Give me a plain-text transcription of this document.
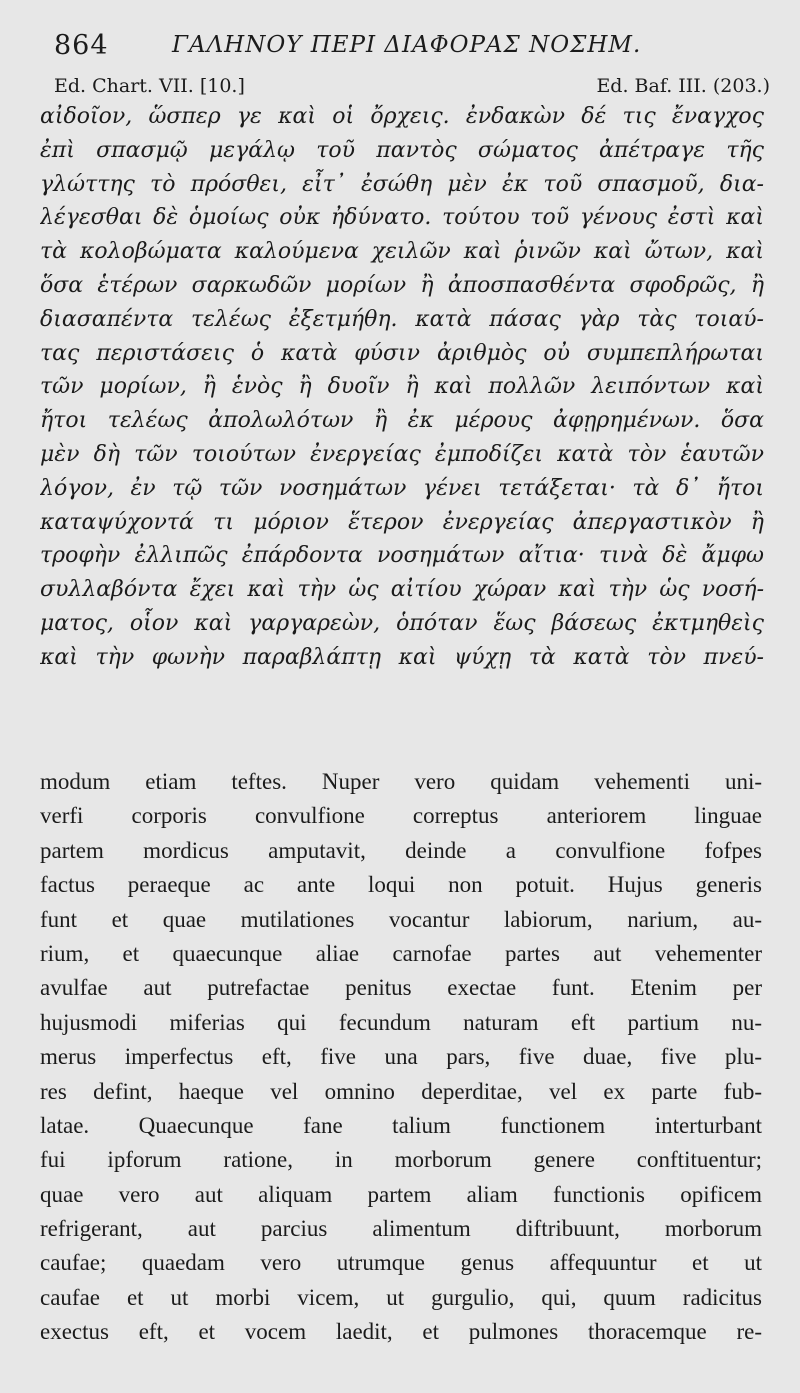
864	ΓΑΛΗΝΟΥ ΠΕΡΙ ΔΙΑΦΟΡΑΣ ΝΟΣΗΜ.
Ed. Chart. VII. [10.]	Ed. Baf. III. (203.)
αἰδοῖον, ὥσπερ γε καὶ οἱ ὄρχεις. ἐνδακὼν δέ τις ἔναγχος
ἐπὶ σπασμῷ μεγάλῳ τοῦ παντὸς σώματος ἀπέτραγε τῆς
γλώττης τὸ πρόσθει, εἶτ᾽ ἐσώθη μὲν ἐκ τοῦ σπασμοῦ, δια-
λέγεσθαι δὲ ὁμοίως οὐκ ἠδύνατο. τούτου τοῦ γένους ἐστὶ καὶ
τὰ κολοβώματα καλούμενα χειλῶν καὶ ῥινῶν καὶ ὤτων, καὶ
ὅσα ἑτέρων σαρκωδῶν μορίων ἢ ἀποσπασθέντα σφοδρῶς, ἢ
διασαπέντα τελέως ἐξετμήθη. κατὰ πάσας γὰρ τὰς τοιαύ-
τας περιστάσεις ὁ κατὰ φύσιν ἀριθμὸς οὐ συμπεπλήρωται
τῶν μορίων, ἢ ἑνὸς ἢ δυοῖν ἢ καὶ πολλῶν λειπόντων καὶ
ἤτοι τελέως ἀπολωλότων ἢ ἐκ μέρους ἀφῃρημένων. ὅσα
μὲν δὴ τῶν τοιούτων ἐνεργείας ἐμποδίζει κατὰ τὸν ἑαυτῶν
λόγον, ἐν τῷ τῶν νοσημάτων γένει τετάξεται· τὰ δ᾽ ἤτοι
καταψύχοντά τι μόριον ἕτερον ἐνεργείας ἀπεργαστικὸν ἢ
τροφὴν ἐλλιπῶς ἐπάρδοντα νοσημάτων αἴτια· τινὰ δὲ ἄμφω
συλλαβόντα ἔχει καὶ τὴν ὡς αἰτίου χώραν καὶ τὴν ὡς νοσή-
ματος, οἷον καὶ γαργαρεὼν, ὁπόταν ἕως βάσεως ἐκτμηθεὶς
καὶ τὴν φωνὴν παραβλάπτῃ καὶ ψύχῃ τὰ κατὰ τὸν πνεύ-
modum etiam teftes. Nuper vero quidam vehementi uni-
verfi corporis convulfione correptus anteriorem linguae
partem mordicus amputavit, deinde a convulfione fofpes
factus peraeque ac ante loqui non potuit. Hujus generis
funt et quae mutilationes vocantur labiorum, narium, au-
rium, et quaecunque aliae carnofae partes aut vehementer
avulfae aut putrefactae penitus exectae funt. Etenim per
hujusmodi miferias qui fecundum naturam eft partium nu-
merus imperfectus eft, five una pars, five duae, five plu-
res defint, haeque vel omnino deperditae, vel ex parte fub-
latae. Quaecunque fane talium functionem interturbant
fui ipforum ratione, in morborum genere conftituentur;
quae vero aut aliquam partem aliam functionis opificem
refrigerant, aut parcius alimentum diftribuunt, morborum
caufae; quaedam vero utrumque genus affequuntur et ut
caufae et ut morbi vicem, ut gurgulio, qui, quum radicitus
exectus eft, et vocem laedit, et pulmones thoracemque re-
